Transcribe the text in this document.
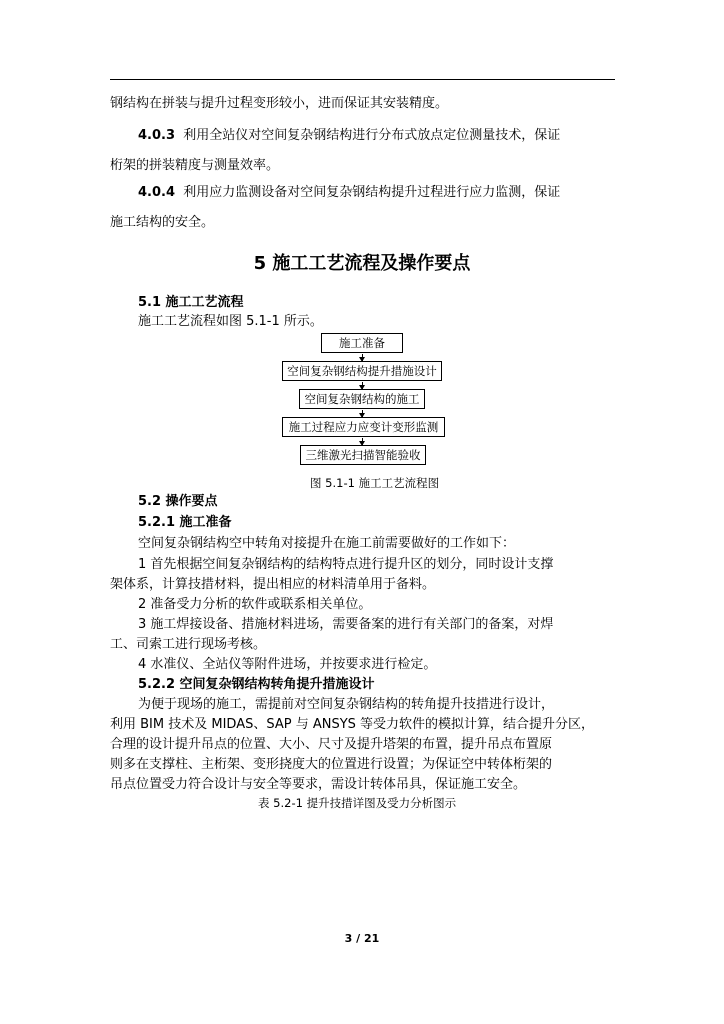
钢结构在拼装与提升过程变形较小，进而保证其安装精度。
4.0.3 利用全站仪对空间复杂钢结构进行分布式放点定位测量技术，保证
桁架的拼装精度与测量效率。
4.0.4 利用应力监测设备对空间复杂钢结构提升过程进行应力监测，保证
施工结构的安全。
5 施工工艺流程及操作要点
5.1 施工工艺流程
施工工艺流程如图 5.1-1 所示。
施工准备
空间复杂钢结构提升措施设计
空间复杂钢结构的施工
施工过程应力应变计变形监测
三维激光扫描智能验收
图 5.1-1 施工工艺流程图
5.2 操作要点
5.2.1 施工准备
空间复杂钢结构空中转角对接提升在施工前需要做好的工作如下：
1 首先根据空间复杂钢结构的结构特点进行提升区的划分，同时设计支撑
架体系，计算技措材料，提出相应的材料清单用于备料。
2 准备受力分析的软件或联系相关单位。
3 施工焊接设备、措施材料进场，需要备案的进行有关部门的备案，对焊
工、司索工进行现场考核。
4 水准仪、全站仪等附件进场，并按要求进行检定。
5.2.2 空间复杂钢结构转角提升措施设计
为便于现场的施工，需提前对空间复杂钢结构的转角提升技措进行设计，
利用 BIM 技术及 MIDAS、SAP 与 ANSYS 等受力软件的模拟计算，结合提升分区，
合理的设计提升吊点的位置、大小、尺寸及提升塔架的布置，提升吊点布置原
则多在支撑柱、主桁架、变形挠度大的位置进行设置；为保证空中转体桁架的
吊点位置受力符合设计与安全等要求，需设计转体吊具，保证施工安全。
表 5.2-1 提升技措详图及受力分析图示
3 / 21
